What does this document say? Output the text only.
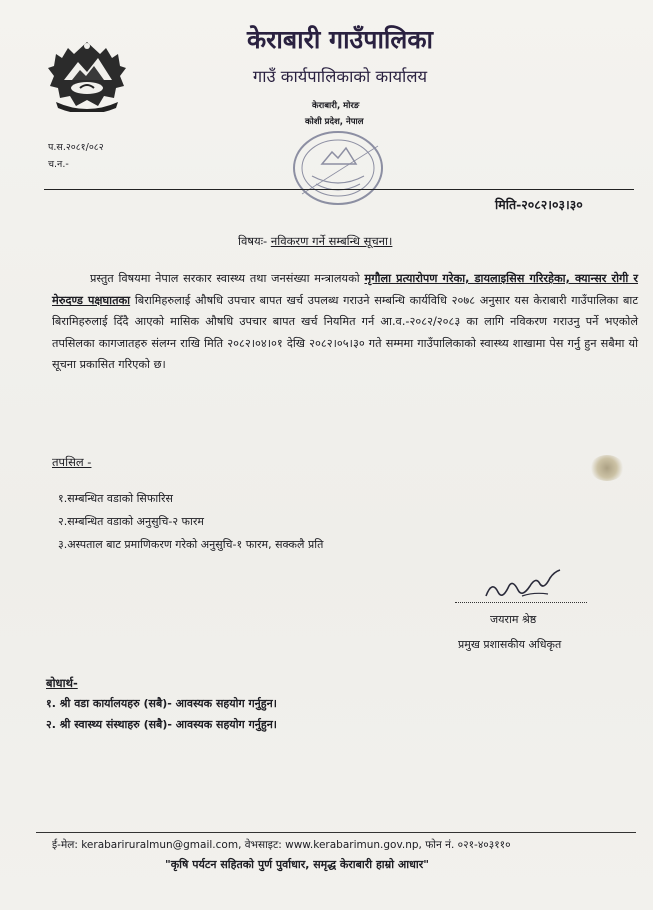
केराबारी गाउँपालिका
गाउँ कार्यपालिकाको कार्यालय
केराबारी, मोरङ
कोशी प्रदेश, नेपाल
प.स.२०८१/०८२
च.न.-
मिति-२०८२।०३।३०
विषयः- नविकरण गर्ने सम्बन्धि सूचना।
प्रस्तुत विषयमा नेपाल सरकार स्वास्थ्य तथा जनसंख्या मन्त्रालयको मृगौला प्रत्यारोपण गरेका, डायलाइसिस गरिरहेका, क्यान्सर रोगी र मेरुदण्ड पक्षघातका बिरामिहरुलाई औषधि उपचार बापत खर्च उपलब्ध गराउने सम्बन्धि कार्यविधि २०७८ अनुसार यस केराबारी गाउँपालिका बाट बिरामिहरुलाई दिँदै आएको मासिक औषधि उपचार बापत खर्च नियमित गर्न आ.व.-२०८२/२०८३ का लागि नविकरण गराउनु पर्ने भएकोले तपसिलका कागजातहरु संलग्न राखि मिति २०८२।०४।०१ देखि २०८२।०५।३० गते सम्ममा गाउँपालिकाको स्वास्थ्य शाखामा पेस गर्नु हुन सबैमा यो सूचना प्रकासित गरिएको छ।
तपसिल -
१.सम्बन्धित वडाको सिफारिस
२.सम्बन्धित वडाको अनुसुचि-२ फारम
३.अस्पताल बाट प्रमाणिकरण गरेको अनुसुचि-१ फारम, सक्कलै प्रति
जयराम श्रेष्ठ
प्रमुख प्रशासकीय अधिकृत
बोधार्थ-
१. श्री वडा कार्यालयहरु (सबै)- आवस्यक सहयोग गर्नुहुन।
२. श्री स्वास्थ्य संस्थाहरु (सबै)- आवस्यक सहयोग गर्नुहुन।
ई-मेल: kerabariruralmun@gmail.com, वेभसाइट: www.kerabarimun.gov.np, फोन नं. ०२१-४०३११०
"कृषि पर्यटन सहितको पुर्ण पुर्वाधार, समृद्ध केराबारी हाम्रो आधार"
